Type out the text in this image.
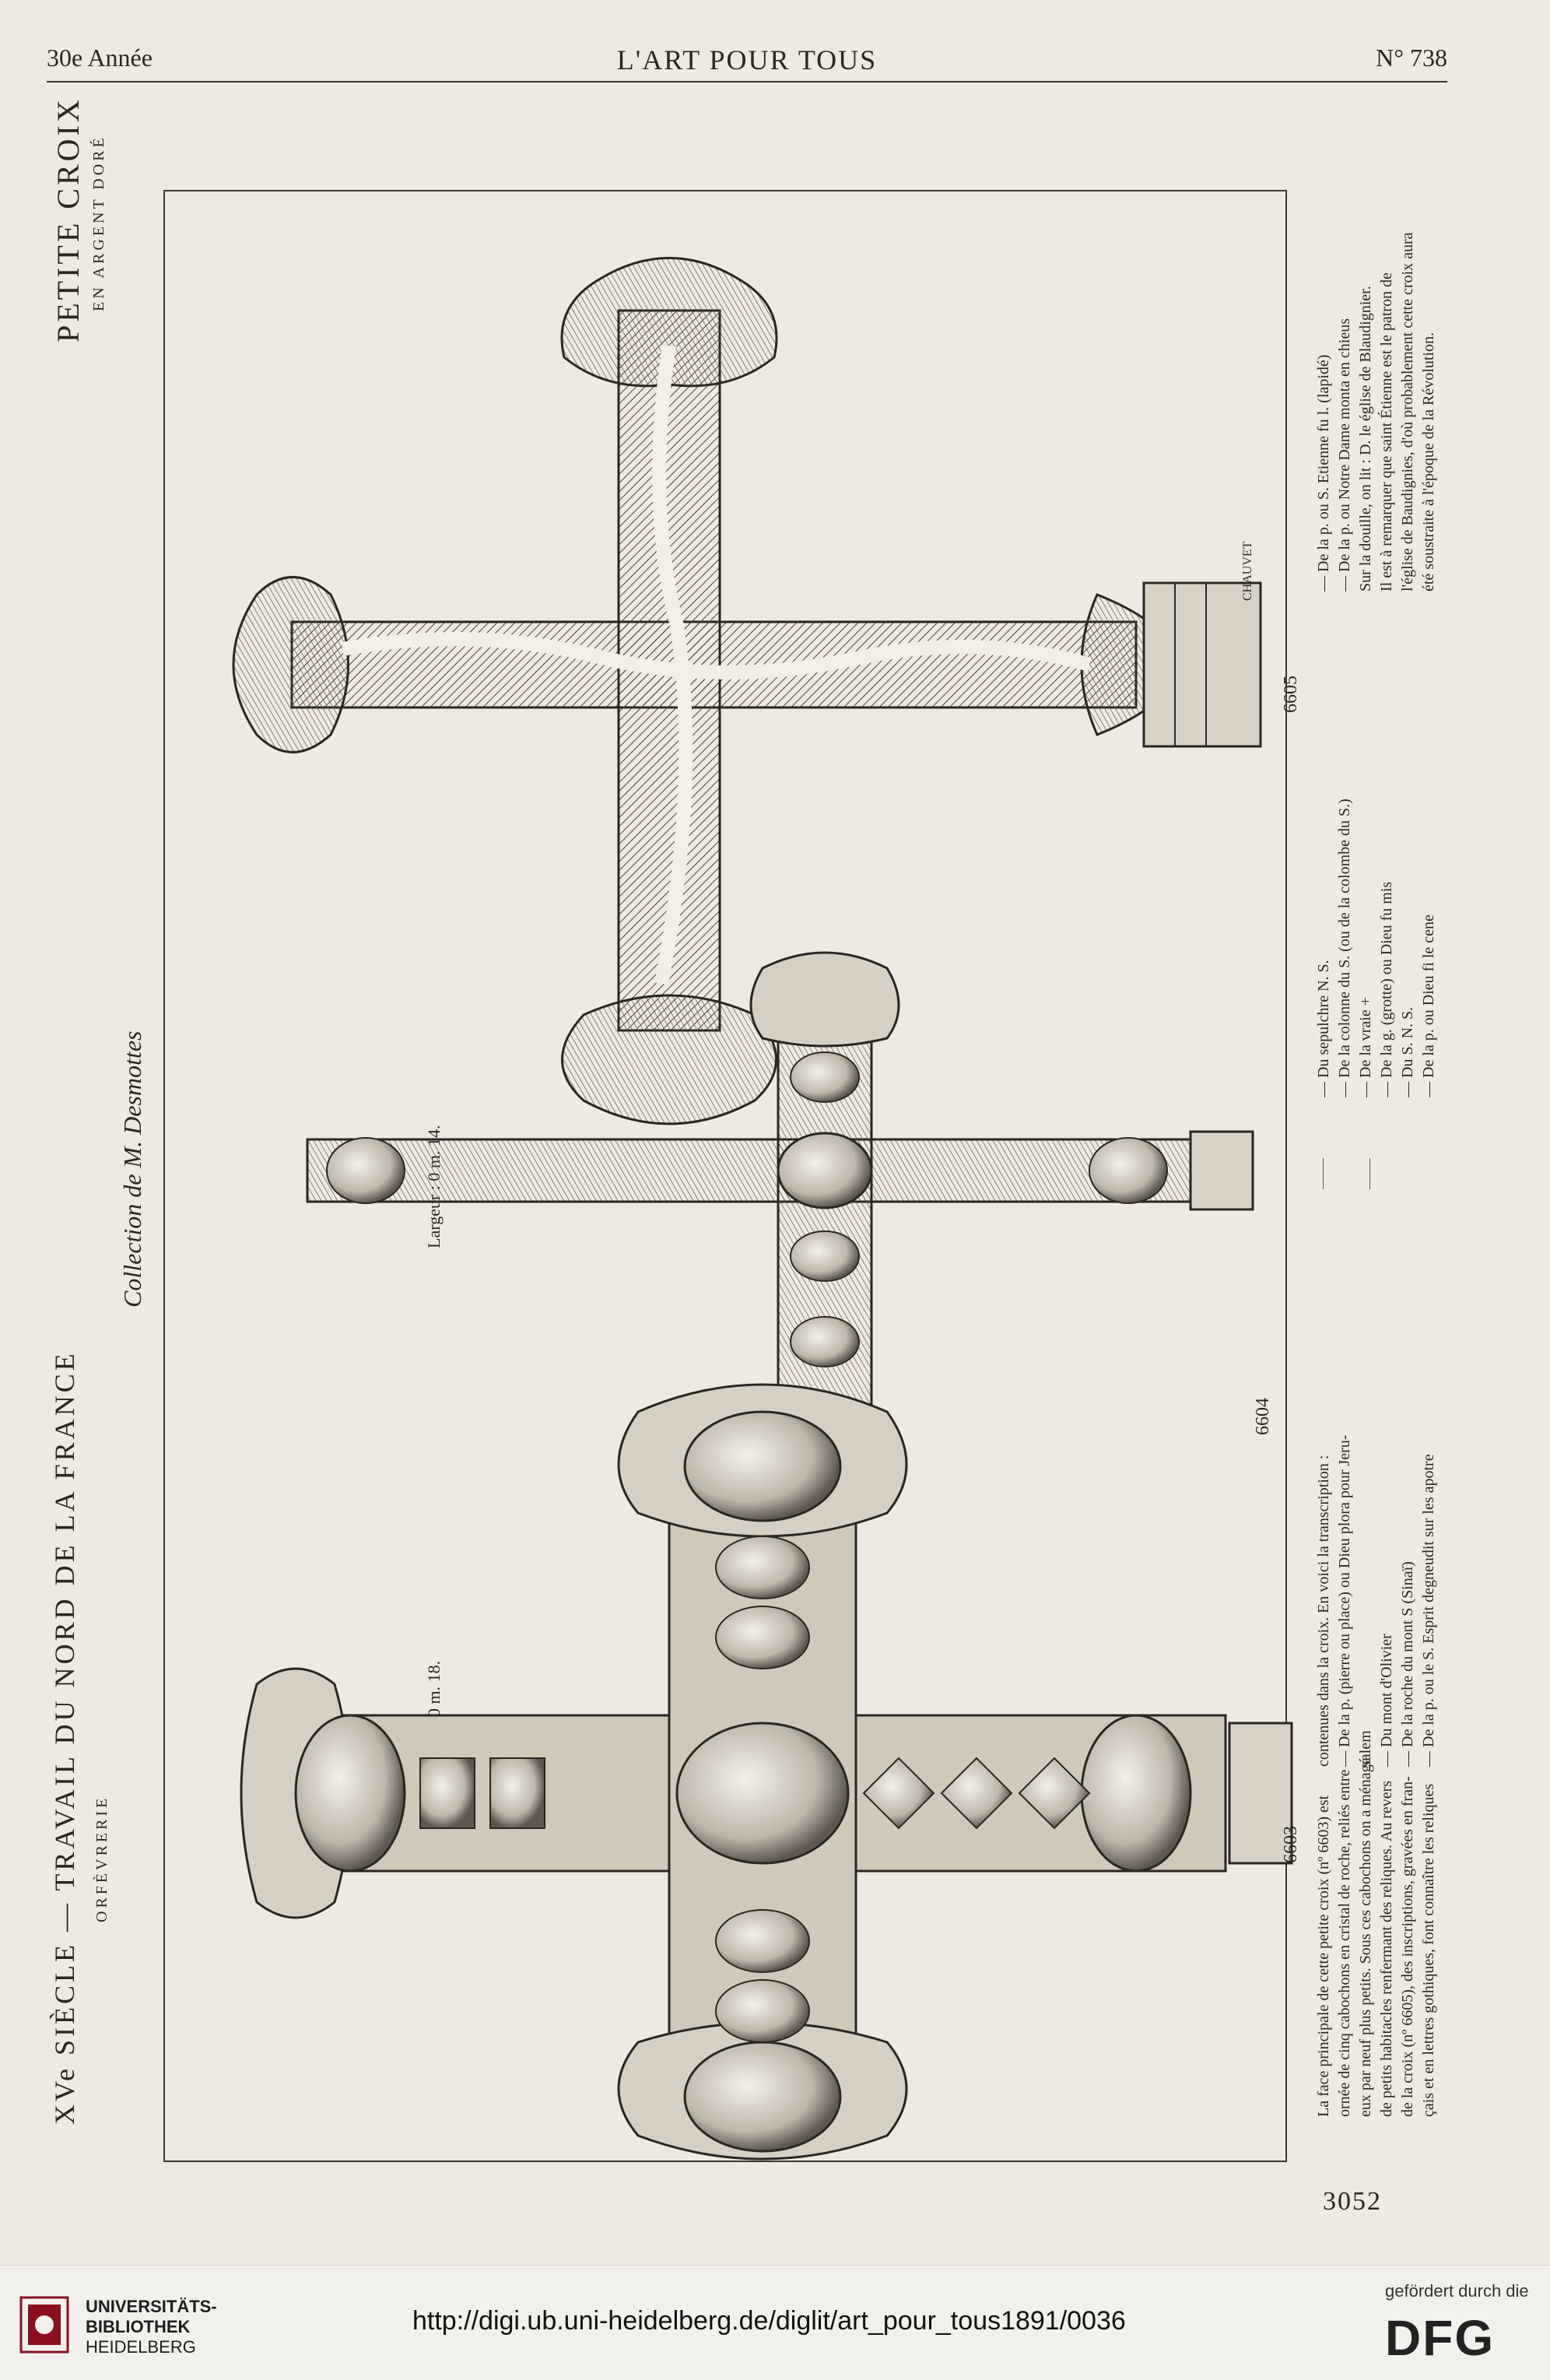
30e Année	L'ART POUR TOUS	N° 738
PETITE CROIX EN ARGENT DORÉ
XVe SIÈCLE — TRAVAIL DU NORD DE LA FRANCE ORFÈVRERIE
Collection de M. Desmottes
CHAUVET
6605
6604
6603 La face principale de cette petite croix (nº 6603) est ornée de cinq cabochons en cristal de roche, reliés entre eux par neuf plus petits. Sous ces cabochons on a ménagé de petits habitacles renfermant des reliques. Au revers de la croix (nº 6605), des inscriptions, gravées en fran- çais et en lettres gothiques, font connaître les reliques
contenues dans la croix. En voici la transcription : — De la p. (pierre ou place) ou Dieu plora pour Jeru- salem — Du mont d'Olivier — De la roche du mont S (Sinaï) — De la p. ou le S. Esprit degneudit sur les apotre
— Du sepulchre N. S. — De la colonne du S. (ou de la colombe du S.) — De la vraie + — De la g. (grotte) ou Dieu fu mis — Du S. N. S. — De la p. ou Dieu fi le cene
— De la p. ou S. Etienne fu l. (lapidé) — De la p. ou Notre Dame monta en chieus Sur la douille, on lit : D. le église de Blaudignier. Il est à remarquer que saint Étienne est le patron de l'église de Baudignies, d'où probablement cette croix aura été soustraite à l'époque de la Révolution.
3052
UNIVERSITÄTS-
BIBLIOTHEK
HEIDELBERG
http://digi.ub.uni-heidelberg.de/diglit/art_pour_tous1891/0036
gefördert durch die
DFG
